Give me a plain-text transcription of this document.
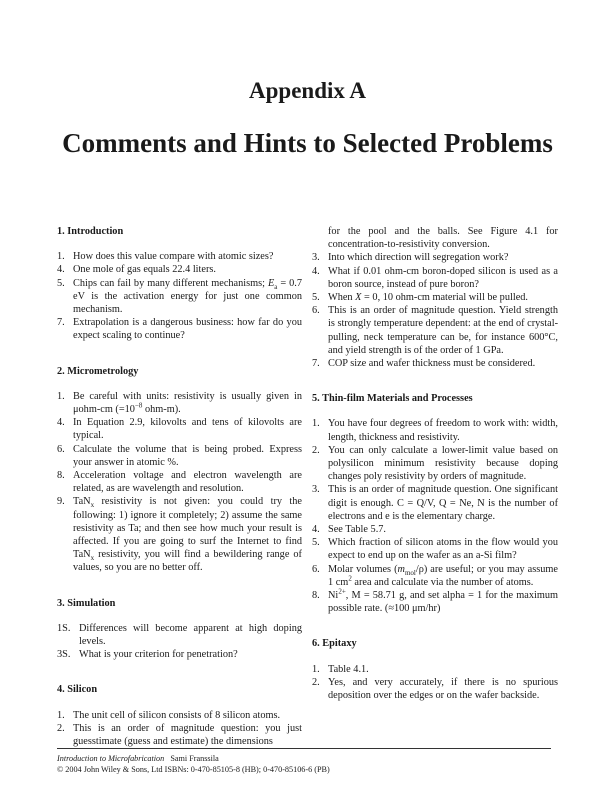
Appendix A
Comments and Hints to Selected Problems
1. Introduction
1. How does this value compare with atomic sizes?
4. One mole of gas equals 22.4 liters.
5. Chips can fail by many different mechanisms; $E_a = 0.7$ eV is the activation energy for just one common mechanism.
7. Extrapolation is a dangerous business: how far do you expect scaling to continue?
2. Micrometrology
1. Be careful with units: resistivity is usually given in μohm-cm ($=10^{-8}$ ohm-m).
4. In Equation 2.9, kilovolts and tens of kilovolts are typical.
6. Calculate the volume that is being probed. Express your answer in atomic %.
8. Acceleration voltage and electron wavelength are related, as are wavelength and resolution.
9. TaN$_x$ resistivity is not given: you could try the following: 1) ignore it completely; 2) assume the same resistivity as Ta; and then see how much your result is affected. If you are going to surf the Internet to find TaN$_x$ resistivity, you will find a bewildering range of values, so you are no better off.
3. Simulation
1S. Differences will become apparent at high doping levels.
3S. What is your criterion for penetration?
4. Silicon
1. The unit cell of silicon consists of 8 silicon atoms.
2. This is an order of magnitude question: you just guesstimate (guess and estimate) the dimensions
for the pool and the balls. See Figure 4.1 for concentration-to-resistivity conversion.
3. Into which direction will segregation work?
4. What if 0.01 ohm-cm boron-doped silicon is used as a boron source, instead of pure boron?
5. When X = 0, 10 ohm-cm material will be pulled.
6. This is an order of magnitude question. Yield strength is strongly temperature dependent: at the end of crystal-pulling, neck temperature can be, for instance 600°C, and yield strength is of the order of 1 GPa.
7. COP size and wafer thickness must be considered.
5. Thin-film Materials and Processes
1. You have four degrees of freedom to work with: width, length, thickness and resistivity.
2. You can only calculate a lower-limit value based on polysilicon minimum resistivity because doping changes poly resistivity by orders of magnitude.
3. This is an order of magnitude question. One significant digit is enough. C = Q/V, Q = Ne, N is the number of electrons and e is the elementary charge.
4. See Table 5.7.
5. Which fraction of silicon atoms in the flow would you expect to end up on the wafer as an a-Si film?
6. Molar volumes $(m_{mol}/\rho)$ are useful; or you may assume 1 $cm^2$ area and calculate via the number of atoms.
8. $Ni^{2+}$, M = 58.71 g, and set alpha = 1 for the maximum possible rate. (≈100 μm/hr)
6. Epitaxy
1. Table 4.1.
2. Yes, and very accurately, if there is no spurious deposition over the edges or on the wafer backside.
Introduction to Microfabrication Sami Franssila
© 2004 John Wiley & Sons, Ltd ISBNs: 0-470-85105-8 (HB); 0-470-85106-6 (PB)
